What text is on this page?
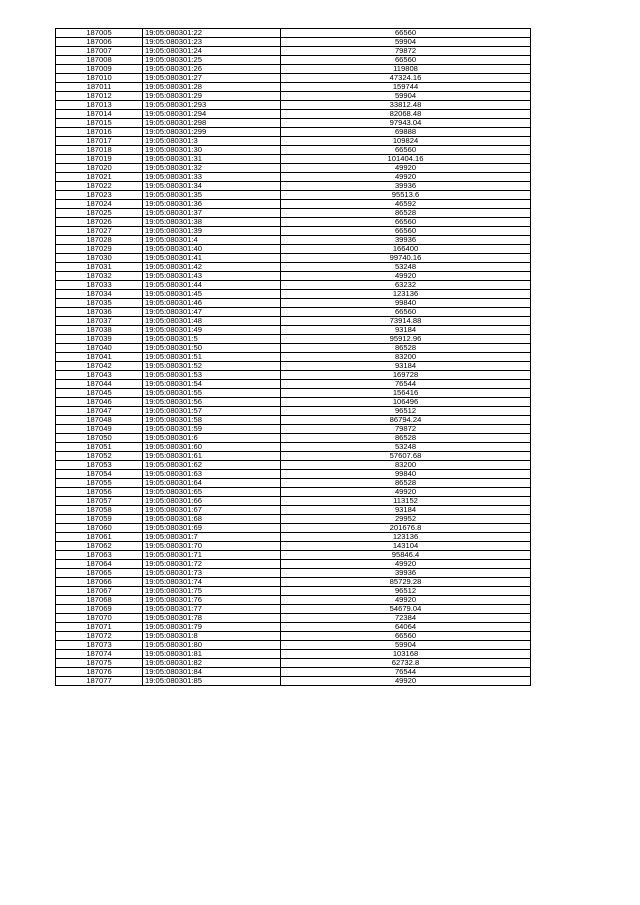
187005	19:05:080301:22	66560
187006	19:05:080301:23	59904
187007	19:05:080301:24	79872
187008	19:05:080301:25	66560
187009	19:05:080301:26	119808
187010	19:05:080301:27	47324.16
187011	19:05:080301:28	159744
187012	19:05:080301:29	59904
187013	19:05:080301:293	33812.48
187014	19:05:080301:294	82068.48
187015	19:05:080301:298	97943.04
187016	19:05:080301:299	69888
187017	19:05:080301:3	109824
187018	19:05:080301:30	66560
187019	19:05:080301:31	101404.16
187020	19:05:080301:32	49920
187021	19:05:080301:33	49920
187022	19:05:080301:34	39936
187023	19:05:080301:35	95513.6
187024	19:05:080301:36	46592
187025	19:05:080301:37	86528
187026	19:05:080301:38	66560
187027	19:05:080301:39	66560
187028	19:05:080301:4	39936
187029	19:05:080301:40	166400
187030	19:05:080301:41	99740.16
187031	19:05:080301:42	53248
187032	19:05:080301:43	49920
187033	19:05:080301:44	63232
187034	19:05:080301:45	123136
187035	19:05:080301:46	99840
187036	19:05:080301:47	66560
187037	19:05:080301:48	73914.88
187038	19:05:080301:49	93184
187039	19:05:080301:5	95912.96
187040	19:05:080301:50	86528
187041	19:05:080301:51	83200
187042	19:05:080301:52	93184
187043	19:05:080301:53	169728
187044	19:05:080301:54	76544
187045	19:05:080301:55	156416
187046	19:05:080301:56	106496
187047	19:05:080301:57	96512
187048	19:05:080301:58	86794.24
187049	19:05:080301:59	79872
187050	19:05:080301:6	86528
187051	19:05:080301:60	53248
187052	19:05:080301:61	57607.68
187053	19:05:080301:62	83200
187054	19:05:080301:63	99840
187055	19:05:080301:64	86528
187056	19:05:080301:65	49920
187057	19:05:080301:66	113152
187058	19:05:080301:67	93184
187059	19:05:080301:68	29952
187060	19:05:080301:69	201676.8
187061	19:05:080301:7	123136
187062	19:05:080301:70	143104
187063	19:05:080301:71	95846.4
187064	19:05:080301:72	49920
187065	19:05:080301:73	39936
187066	19:05:080301:74	85729.28
187067	19:05:080301:75	96512
187068	19:05:080301:76	49920
187069	19:05:080301:77	54679.04
187070	19:05:080301:78	72384
187071	19:05:080301:79	64064
187072	19:05:080301:8	66560
187073	19:05:080301:80	59904
187074	19:05:080301:81	103168
187075	19:05:080301:82	62732.8
187076	19:05:080301:84	76544
187077	19:05:080301:85	49920
